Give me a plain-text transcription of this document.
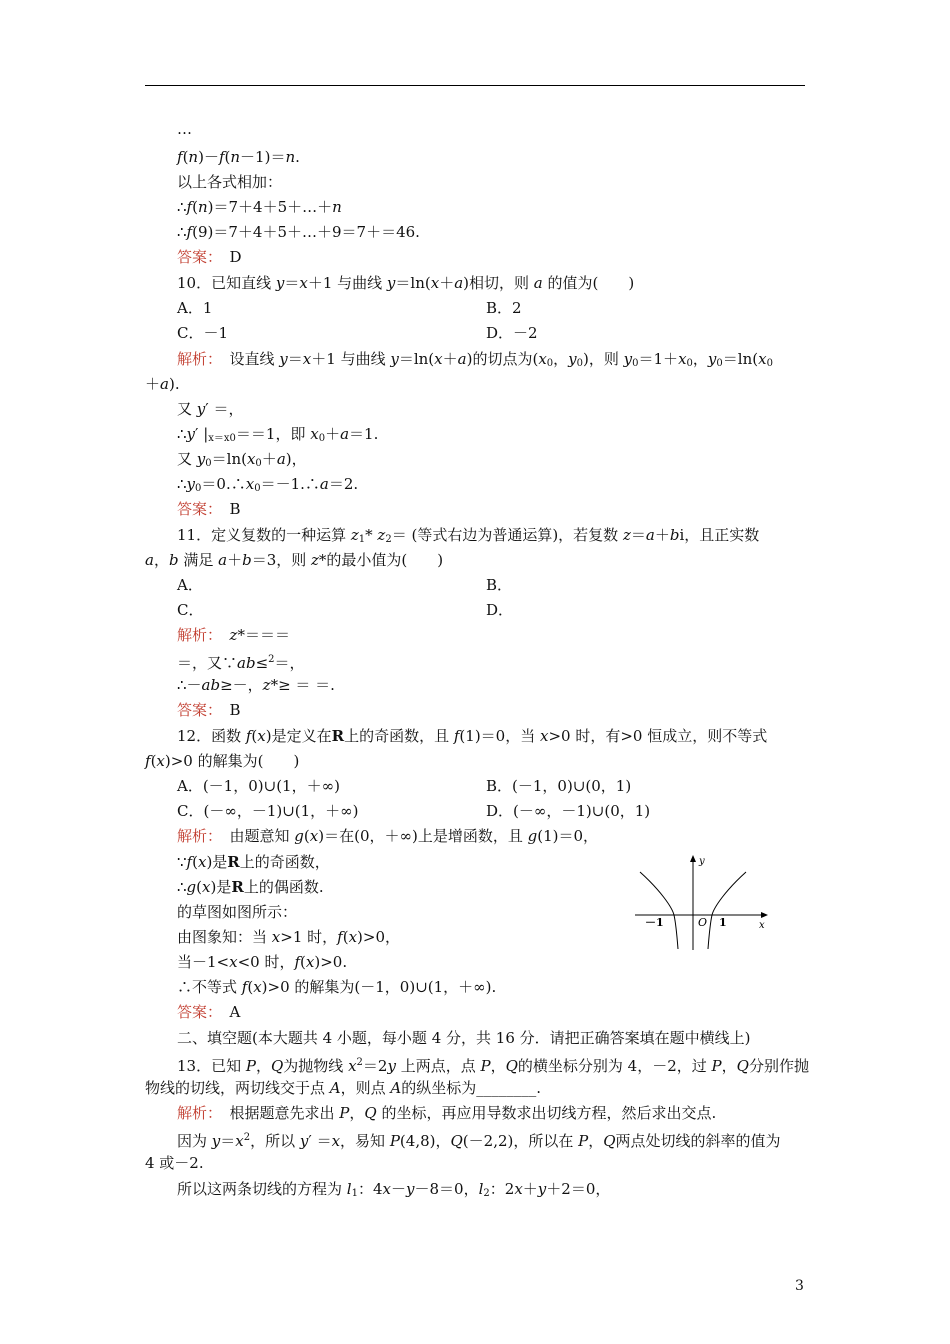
…
f(n)－f(n－1)＝n.
以上各式相加：
∴f(n)＝7＋4＋5＋…＋n
∴f(9)＝7＋4＋5＋…＋9＝7＋＝46.
答案：　D
10．已知直线 y＝x＋1 与曲线 y＝ln(x＋a)相切，则 a 的值为(　　)
A．1	B．2
C．－1	D．－2
解析：　设直线 y＝x＋1 与曲线 y＝ln(x＋a)的切点为($x_0$，$y_0$)，则 $y_0=1+x_0$，$y_0=\ln(x_0$
＋a).
又 y′ ＝，
∴y′ $|_{x=x0}==1$，即 $x_0+a=1$.
又 $y_0=\ln(x_0+a)$，
$\therefore y_0=0.\therefore x_0=-1.\therefore a=2$.
答案：　B
11．定义复数的一种运算 $z_1*$ $z_2=$ (等式右边为普通运算)，若复数 z＝a＋bi，且正实数
a，b 满足 a＋b＝3，则 z*的最小值为(　　)
A．	B．
C．	D．
解析：　 z*＝＝＝
＝，又∵ab≤$^2$＝，
∴－ab≥－，z*≥ ＝ ＝.
答案：　B
12．函数 f(x)是定义在R上的奇函数，且 f(1)＝0，当 x>0 时，有>0 恒成立，则不等式
f(x)>0 的解集为(　　)
A．(－1，0)∪(1，＋∞)	B．(－1，0)∪(0，1)
C．(－∞，－1)∪(1，＋∞)	D．(－∞，－1)∪(0，1)
解析：　由题意知 g(x)＝在(0，＋∞)上是增函数，且 g(1)＝0，
∵f(x)是R上的奇函数，
∴g(x)是R上的偶函数.
的草图如图所示：
由图象知：当 x>1 时，f(x)>0，
当－1<x<0 时，f(x)>0.
∴不等式 f(x)>0 的解集为(－1，0)∪(1，＋∞).
答案：　A
二、填空题(本大题共 4 小题，每小题 4 分，共 16 分．请把正确答案填在题中横线上)
13．已知 P，Q为抛物线 $x^2=2y$ 上两点，点 P，Q的横坐标分别为 4，－2，过 P，Q分别作抛
物线的切线，两切线交于点 A，则点 A的纵坐标为________.
解析：　根据题意先求出 P，Q 的坐标，再应用导数求出切线方程，然后求出交点.
因为 $y=x^2$，所以 y′ ＝x，易知 P(4,8)，Q(－2,2)，所以在 P，Q两点处切线的斜率的值为
4 或－2.
所以这两条切线的方程为 $l_1$：4x－y－8＝0，$l_2$：2x＋y＋2＝0，
y
x
O
－1	1
3
